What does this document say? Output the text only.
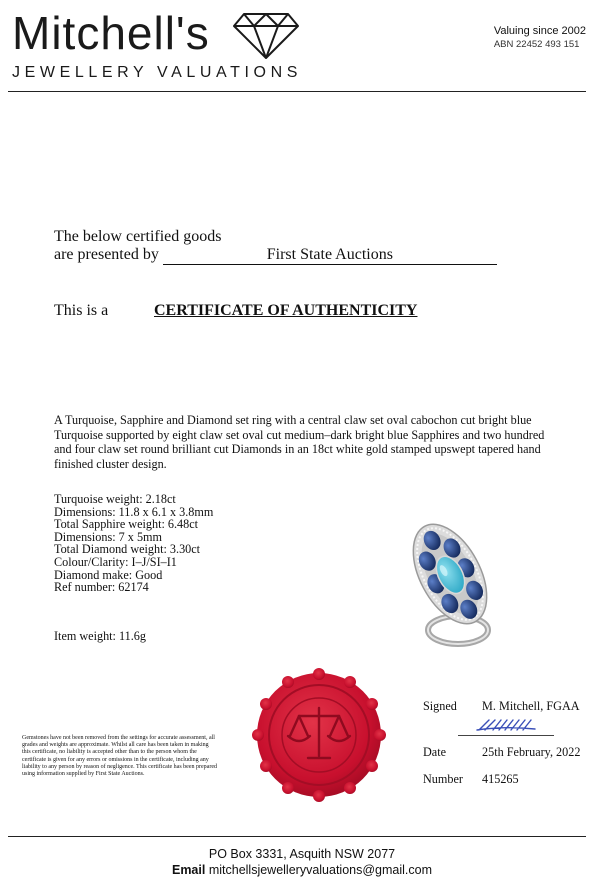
Mitchell's
JEWELLERY VALUATIONS
Valuing since 2002
ABN 22452 493 151
The below certified goods
are presented by	First State Auctions
This is a	CERTIFICATE OF AUTHENTICITY
A Turquoise, Sapphire and Diamond set ring with a central claw set oval cabochon cut bright blue Turquoise supported by eight claw set oval cut medium–dark bright blue Sapphires and two hundred and four claw set round brilliant cut Diamonds in an 18ct white gold stamped upswept tapered hand finished cluster design.
Turquoise weight: 2.18ct
Dimensions: 11.8 x 6.1 x 3.8mm
Total Sapphire weight: 6.48ct
Dimensions: 7 x 5mm
Total Diamond weight: 3.30ct
Colour/Clarity: I–J/SI–I1
Diamond make: Good
Ref number: 62174
Item weight: 11.6g
Gemstones have not been removed from the settings for accurate assessment, all grades and weights are approximate. Whilst all care has been taken in making this certificate, no liability is accepted other than to the person whom the certificate is given for any errors or omissions in the certificate, including any liability to any person by reason of negligence. This certificate has been prepared using information supplied by First State Auctions.
Signed M. Mitchell, FGAA
Date	25th February, 2022
Number 415265
PO Box 3331, Asquith NSW 2077
Email mitchellsjewelleryvaluations@gmail.com
